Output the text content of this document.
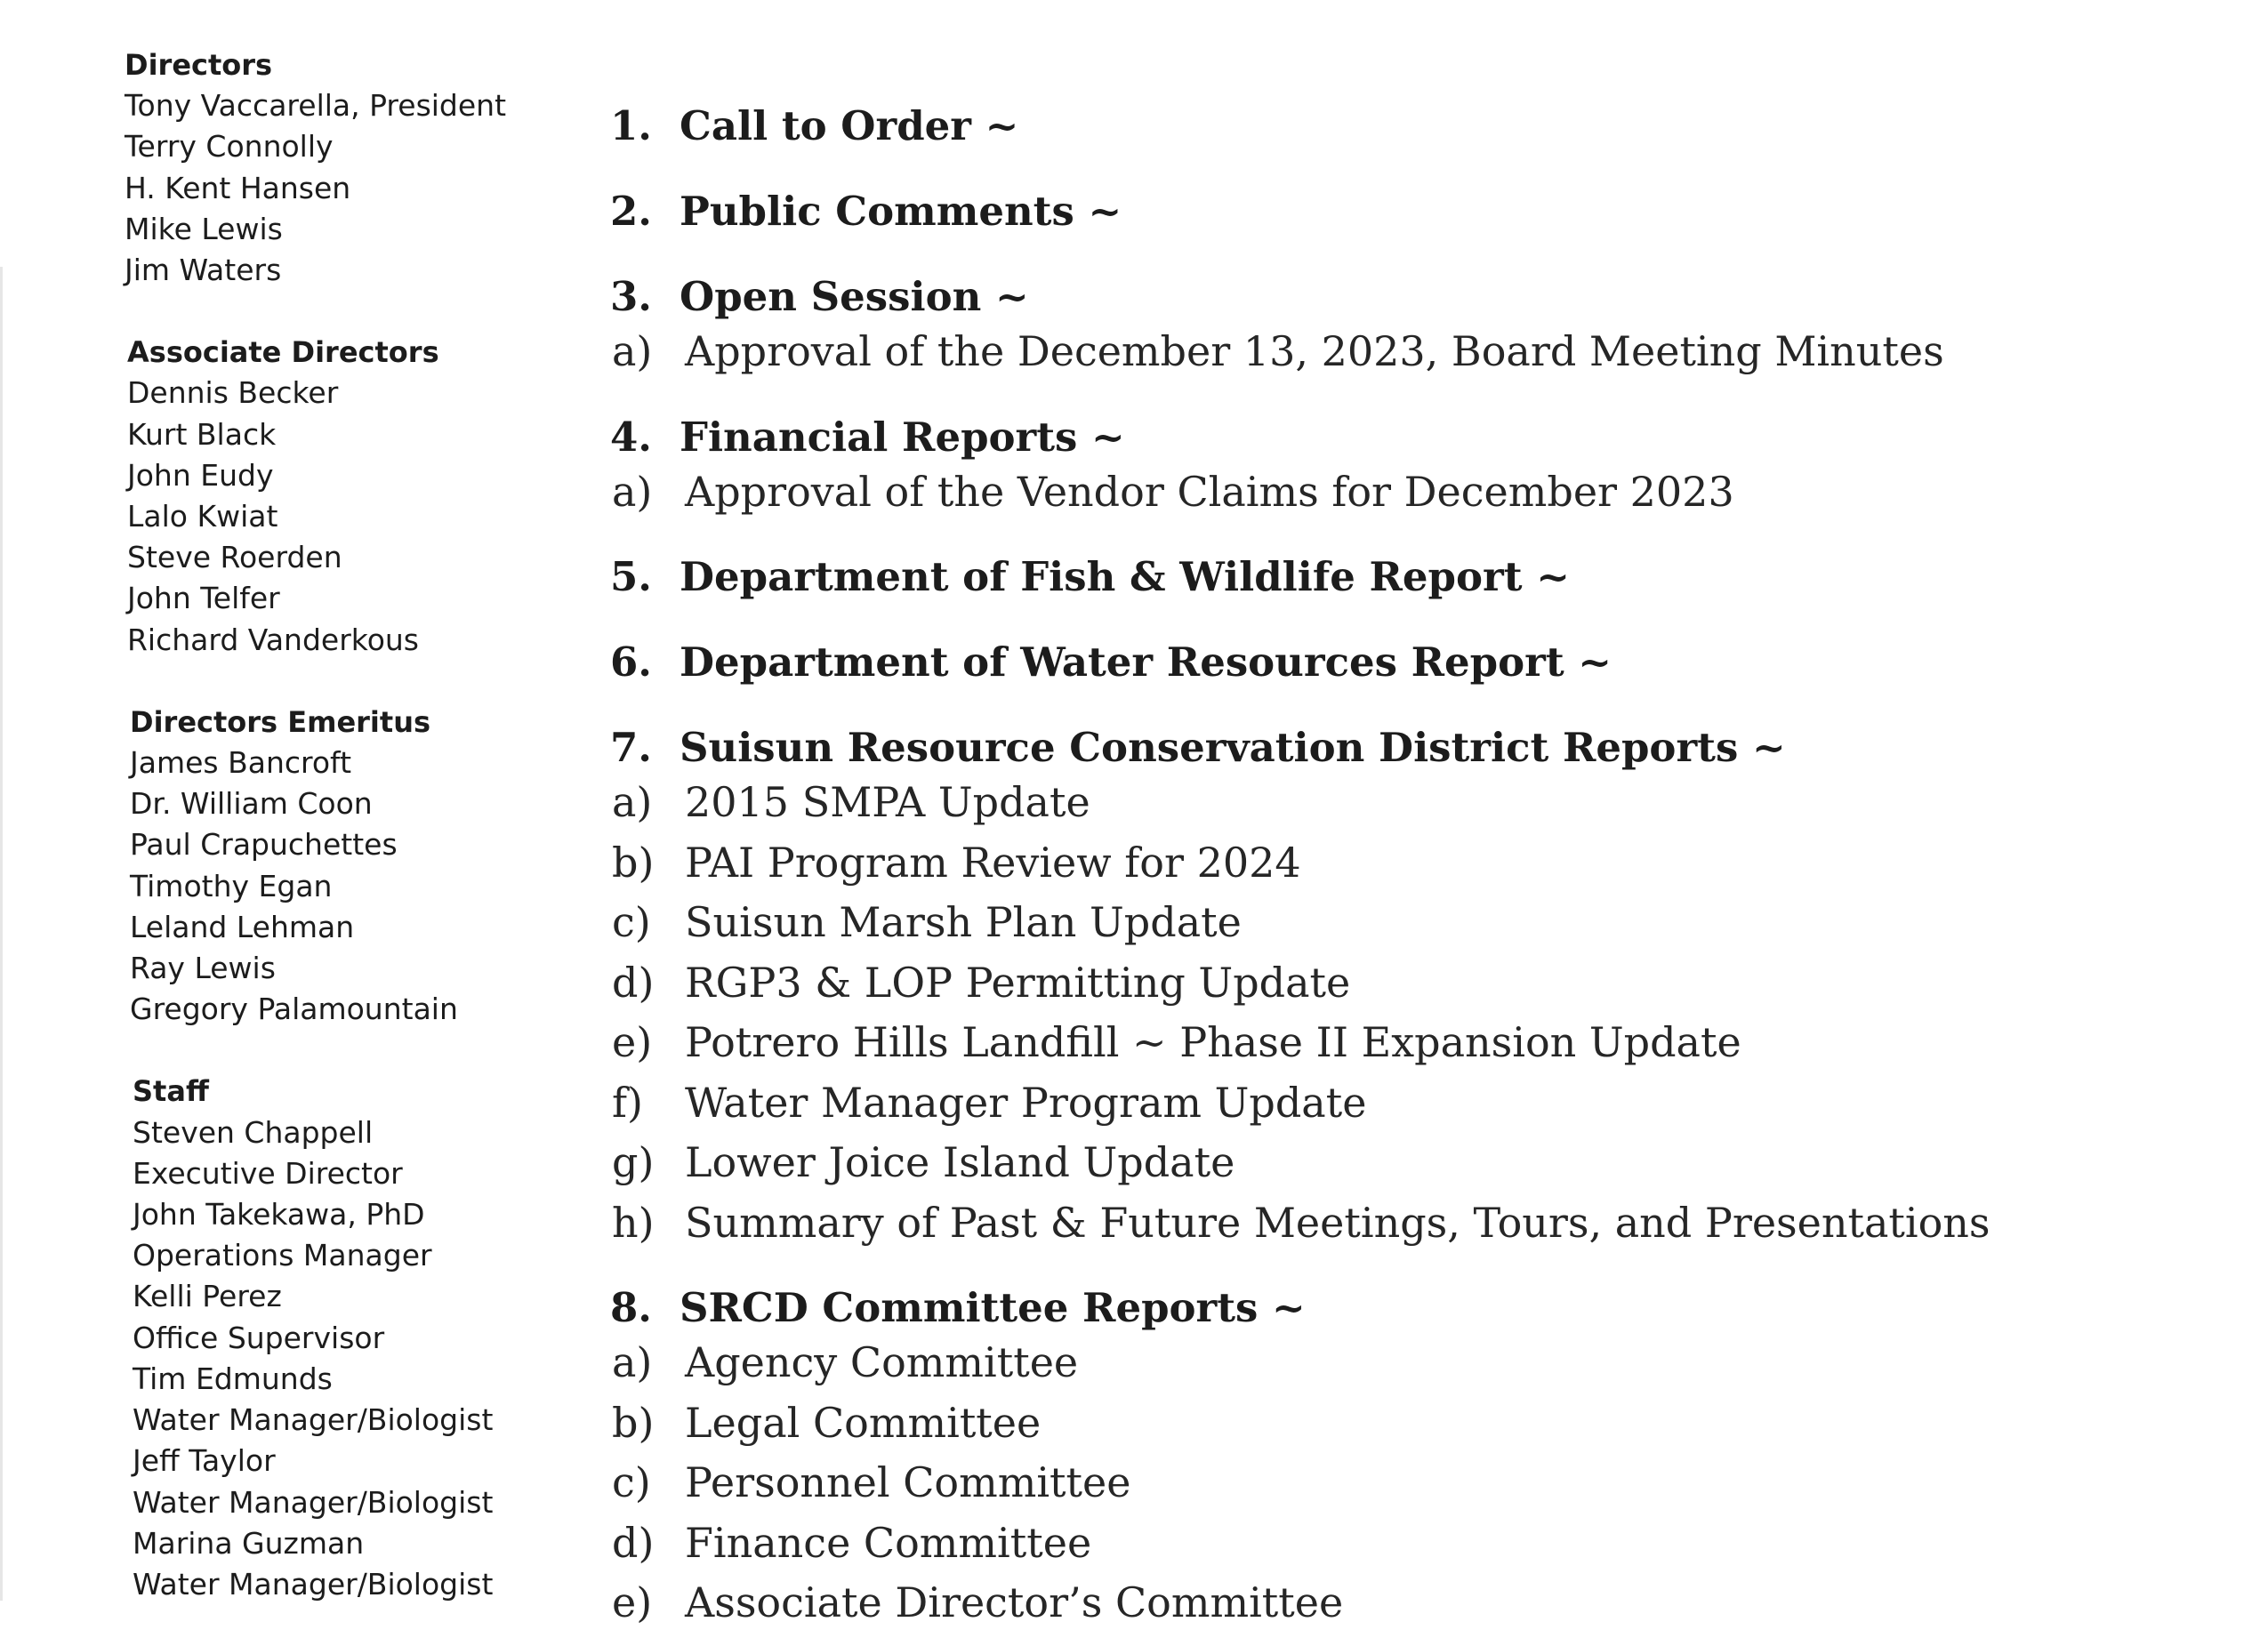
Directors
Tony Vaccarella, President
Terry Connolly
H. Kent Hansen
Mike Lewis
Jim Waters
Associate Directors
Dennis Becker
Kurt Black
John Eudy
Lalo Kwiat
Steve Roerden
John Telfer
Richard Vanderkous
Directors Emeritus
James Bancroft
Dr. William Coon
Paul Crapuchettes
Timothy Egan
Leland Lehman
Ray Lewis
Gregory Palamountain
Staff
Steven Chappell
Executive Director
John Takekawa, PhD
Operations Manager
Kelli Perez
Office Supervisor
Tim Edmunds
Water Manager/Biologist
Jeff Taylor
Water Manager/Biologist
Marina Guzman
Water Manager/Biologist
1. Call to Order ~
2. Public Comments ~
3. Open Session ~
a) Approval of the December 13, 2023, Board Meeting Minutes
4. Financial Reports ~
a) Approval of the Vendor Claims for December 2023
5. Department of Fish & Wildlife Report ~
6. Department of Water Resources Report ~
7. Suisun Resource Conservation District Reports ~
a) 2015 SMPA Update
b) PAI Program Review for 2024
c) Suisun Marsh Plan Update
d) RGP3 & LOP Permitting Update
e) Potrero Hills Landfill ~ Phase II Expansion Update
f)	Water Manager Program Update
g) Lower Joice Island Update
h) Summary of Past & Future Meetings, Tours, and Presentations
8. SRCD Committee Reports ~
a) Agency Committee
b) Legal Committee
c) Personnel Committee
d) Finance Committee
e) Associate Director’s Committee
